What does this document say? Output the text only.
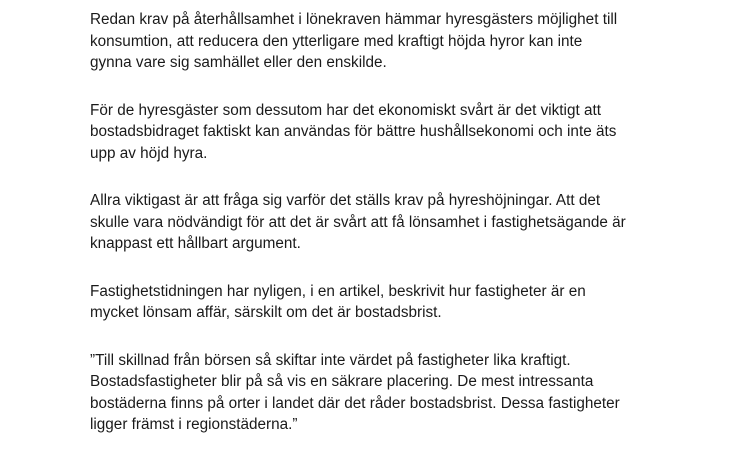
Redan krav på återhållsamhet i lönekraven hämmar hyresgästers möjlighet till
konsumtion, att reducera den ytterligare med kraftigt höjda hyror kan inte
gynna vare sig samhället eller den enskilde.

För de hyresgäster som dessutom har det ekonomiskt svårt är det viktigt att
bostadsbidraget faktiskt kan användas för bättre hushållsekonomi och inte äts
upp av höjd hyra.

Allra viktigast är att fråga sig varför det ställs krav på hyreshöjningar. Att det
skulle vara nödvändigt för att det är svårt att få lönsamhet i fastighetsägande är
knappast ett hållbart argument.

Fastighetstidningen har nyligen, i en artikel, beskrivit hur fastigheter är en
mycket lönsam affär, särskilt om det är bostadsbrist.

”Till skillnad från börsen så skiftar inte värdet på fastigheter lika kraftigt.
Bostadsfastigheter blir på så vis en säkrare placering. De mest intressanta
bostäderna finns på orter i landet där det råder bostadsbrist. Dessa fastigheter
ligger främst i regionstäderna.”
